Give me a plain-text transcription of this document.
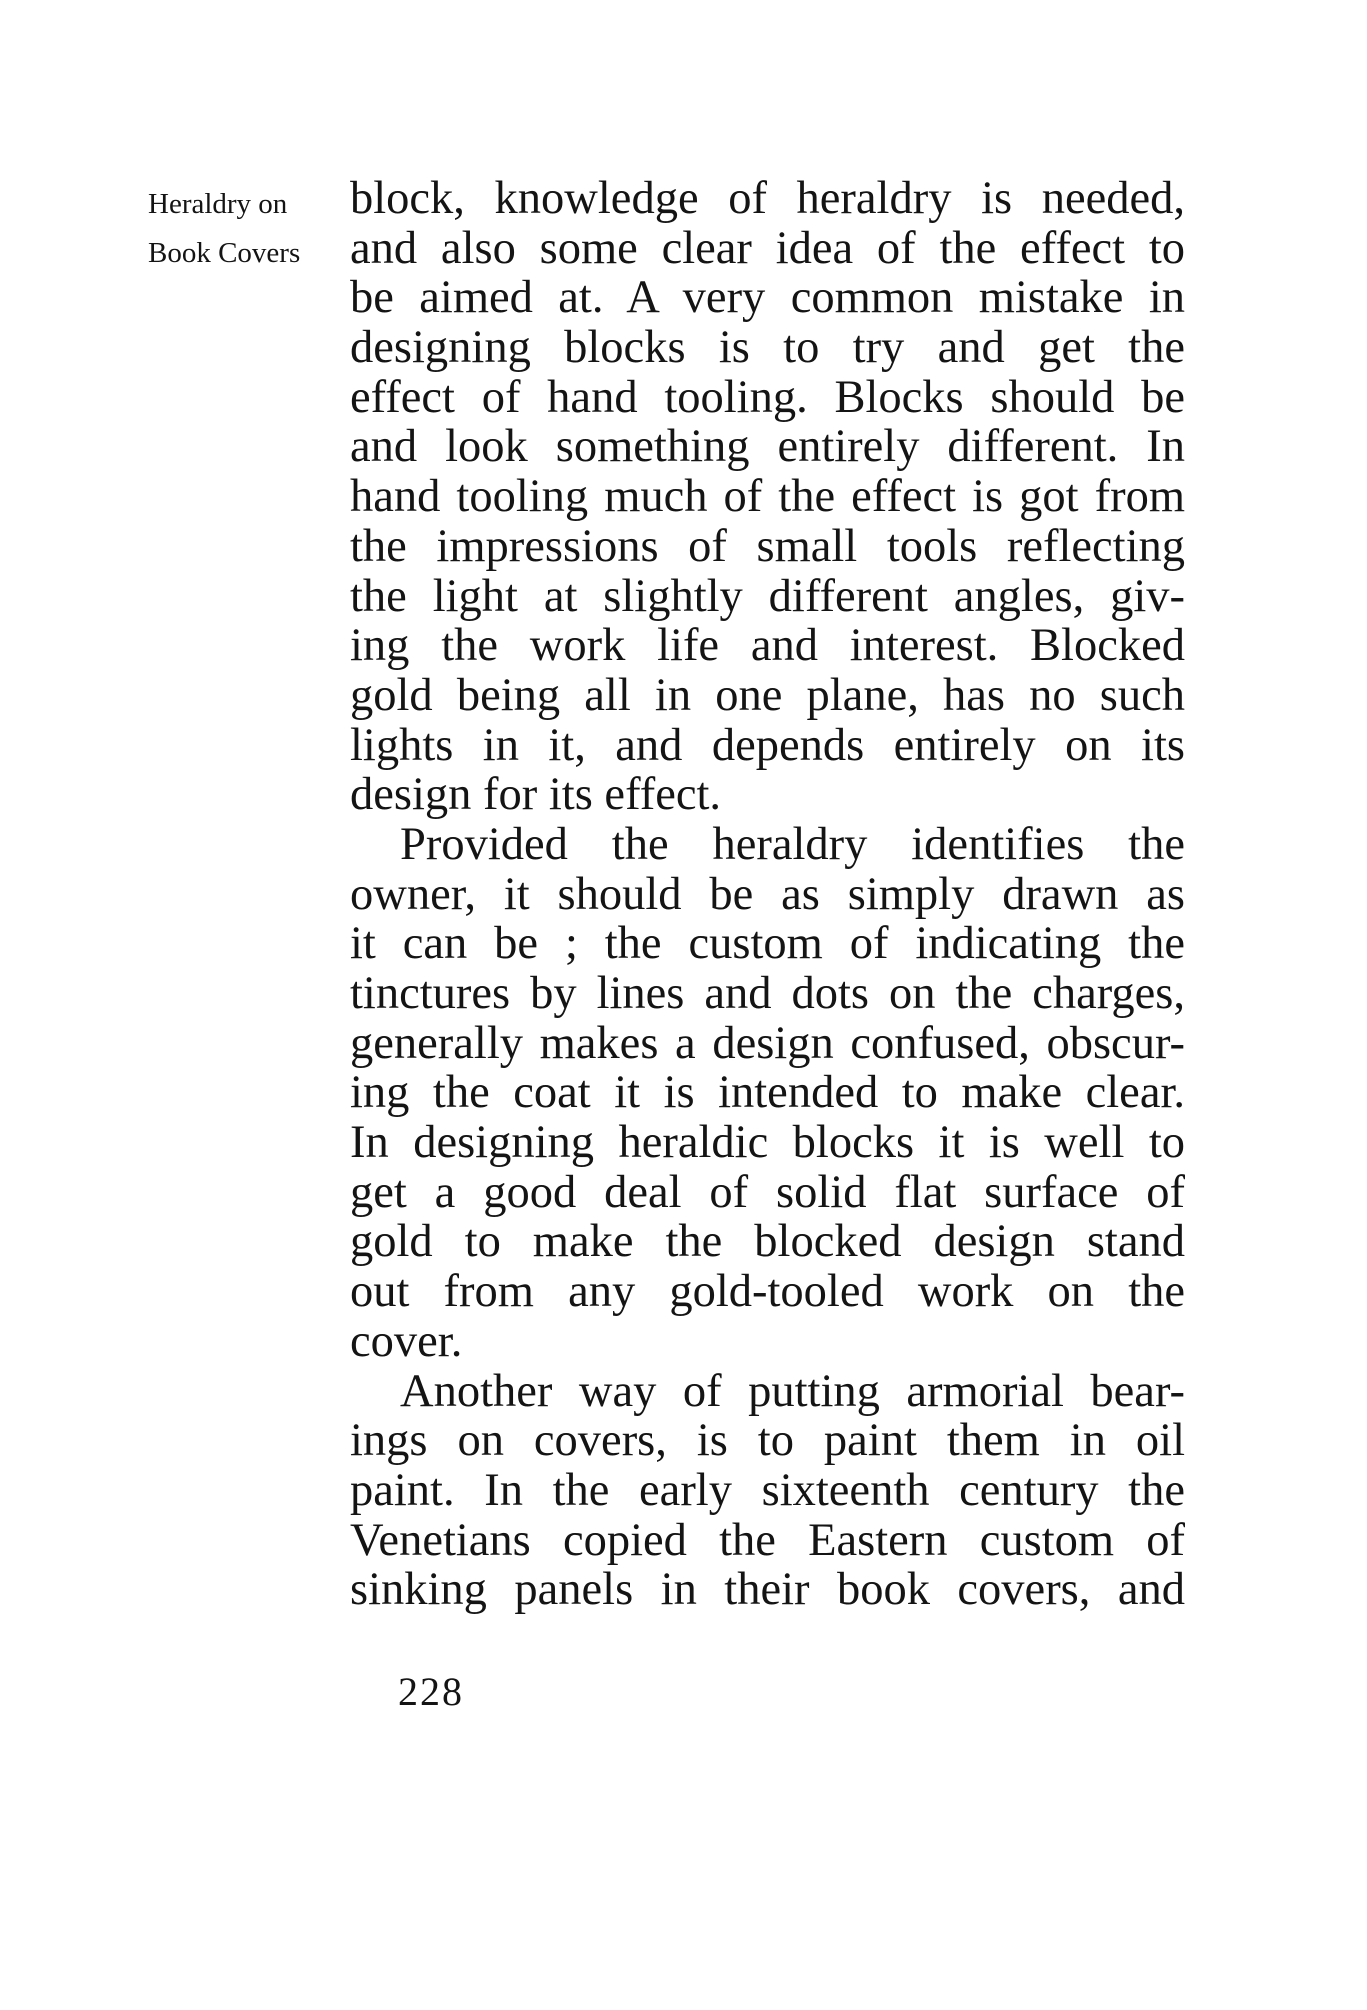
Heraldry on
Book Covers
block, knowledge of heraldry is needed,
and also some clear idea of the effect to
be aimed at. A very common mistake in
designing blocks is to try and get the
effect of hand tooling. Blocks should be
and look something entirely different. In
hand tooling much of the effect is got from
the impressions of small tools reflecting
the light at slightly different angles, giv-
ing the work life and interest. Blocked
gold being all in one plane, has no such
lights in it, and depends entirely on its
design for its effect.
Provided the heraldry identifies the
owner, it should be as simply drawn as
it can be ; the custom of indicating the
tinctures by lines and dots on the charges,
generally makes a design confused, obscur-
ing the coat it is intended to make clear.
In designing heraldic blocks it is well to
get a good deal of solid flat surface of
gold to make the blocked design stand
out from any gold-tooled work on the
cover.
Another way of putting armorial bear-
ings on covers, is to paint them in oil
paint. In the early sixteenth century the
Venetians copied the Eastern custom of
sinking panels in their book covers, and
228
